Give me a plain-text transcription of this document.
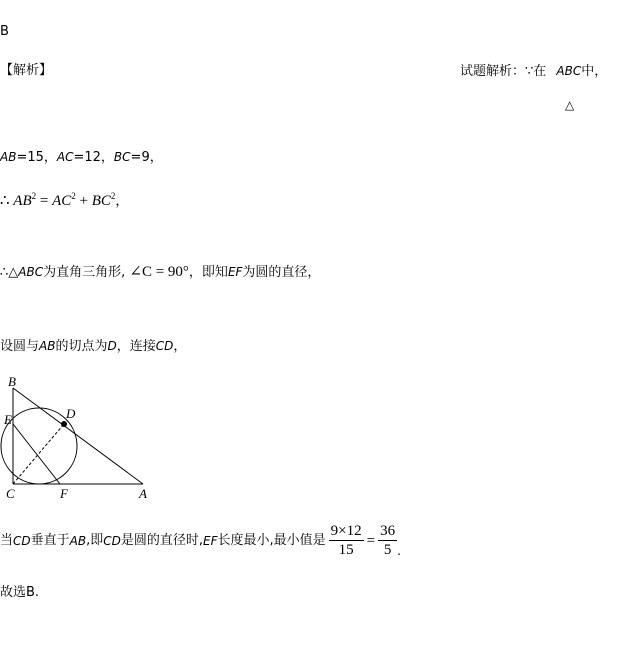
B
【解析】	试题解析：∵在 ABC中，
△
AB=15，AC=12，BC=9，
∴ $AB^2 = AC^2 + BC^2$，
∴△ABC为直角三角形, ∠C = 90°，即知EF为圆的直径，
设圆与AB的切点为D，连接CD，
B
E	D
C	F	A
当 CD 垂直于 AB ,即 CD 是圆的直径时, EF 长度最小,最小值是 $\frac{9\times 12}{15} = \frac{36}{5}$ .
故选B.
